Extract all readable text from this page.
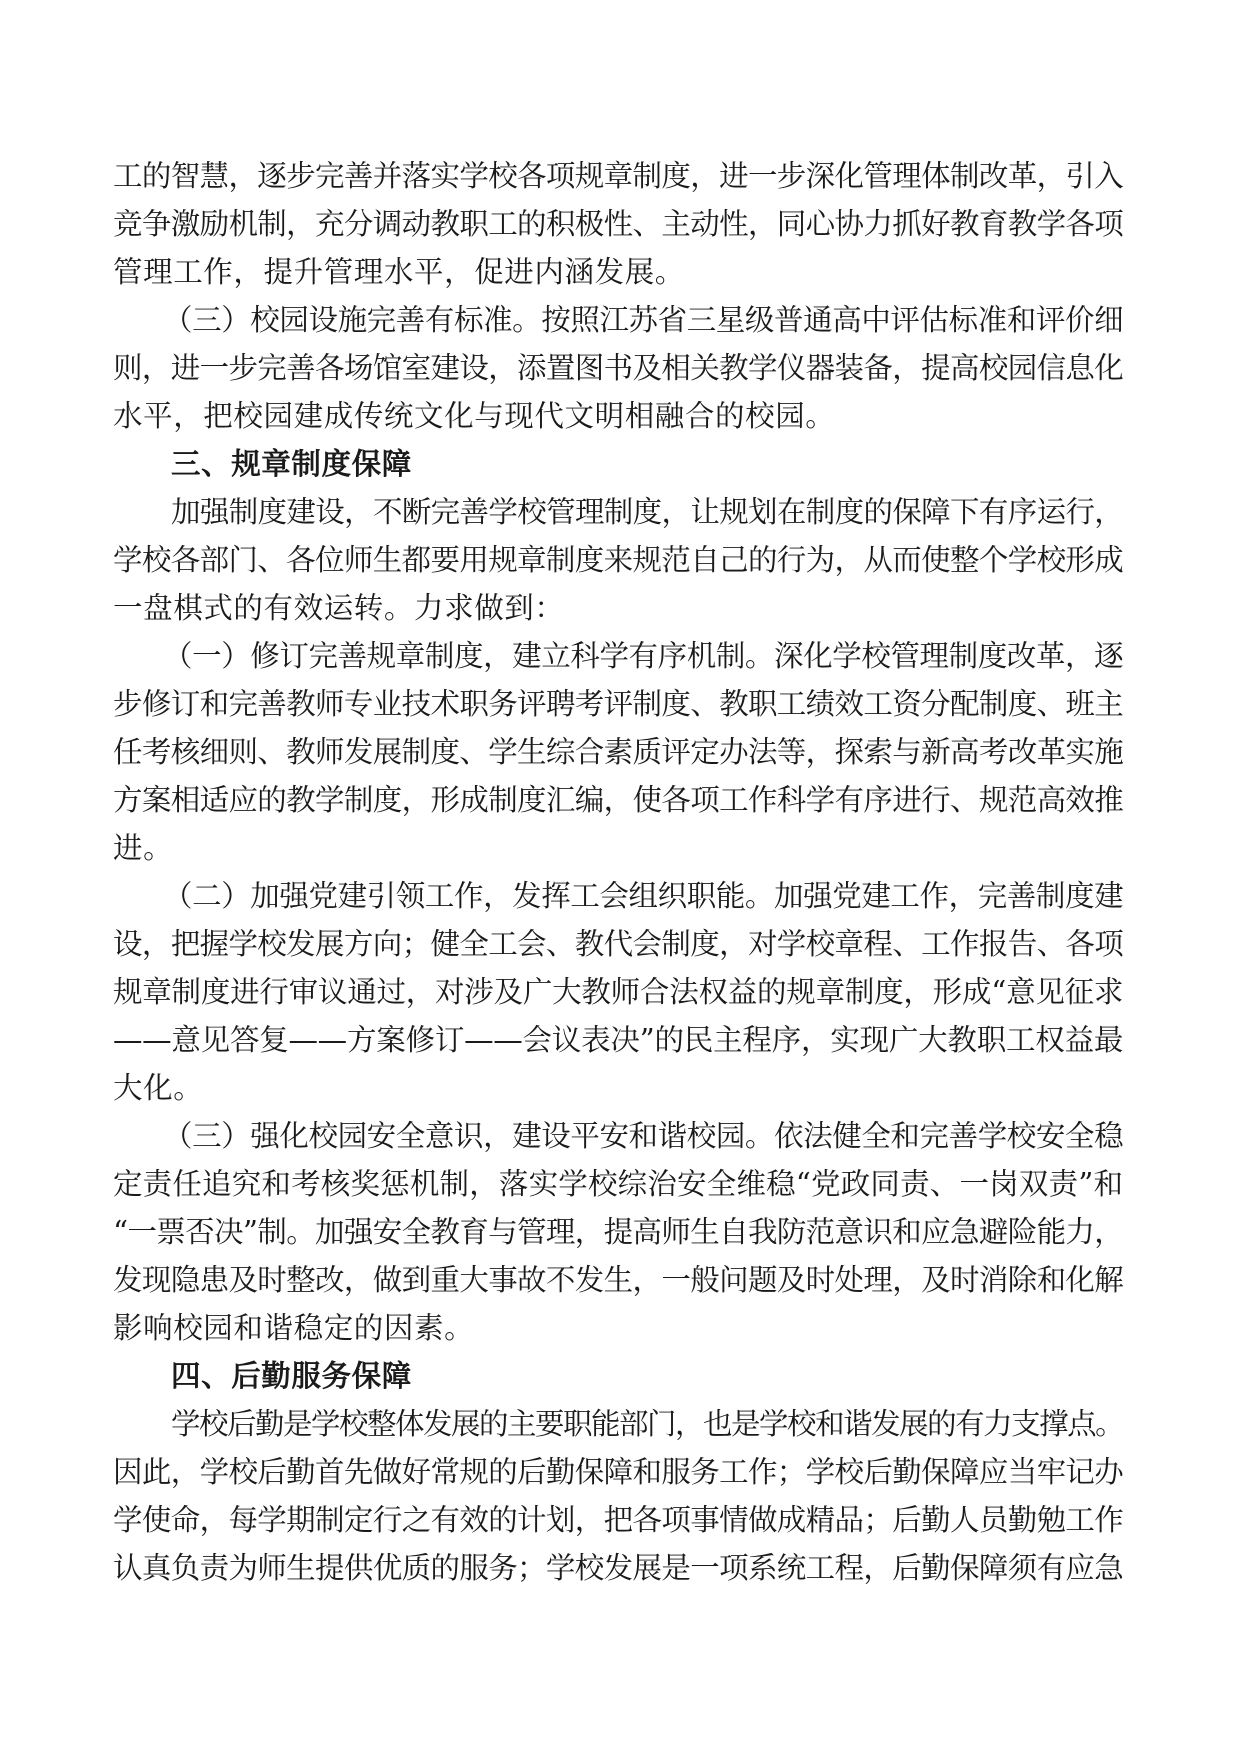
工的智慧，逐步完善并落实学校各项规章制度，进一步深化管理体制改革，引入
竞争激励机制，充分调动教职工的积极性、主动性，同心协力抓好教育教学各项
管理工作，提升管理水平，促进内涵发展。
（三）校园设施完善有标准。按照江苏省三星级普通高中评估标准和评价细
则，进一步完善各场馆室建设，添置图书及相关教学仪器装备，提高校园信息化
水平，把校园建成传统文化与现代文明相融合的校园。
三、规章制度保障
加强制度建设，不断完善学校管理制度，让规划在制度的保障下有序运行，
学校各部门、各位师生都要用规章制度来规范自己的行为，从而使整个学校形成
一盘棋式的有效运转。力求做到：
（一）修订完善规章制度，建立科学有序机制。深化学校管理制度改革，逐
步修订和完善教师专业技术职务评聘考评制度、教职工绩效工资分配制度、班主
任考核细则、教师发展制度、学生综合素质评定办法等，探索与新高考改革实施
方案相适应的教学制度，形成制度汇编，使各项工作科学有序进行、规范高效推
进。
（二）加强党建引领工作，发挥工会组织职能。加强党建工作，完善制度建
设，把握学校发展方向；健全工会、教代会制度，对学校章程、工作报告、各项
规章制度进行审议通过，对涉及广大教师合法权益的规章制度，形成“意见征求
——意见答复——方案修订——会议表决”的民主程序，实现广大教职工权益最
大化。
（三）强化校园安全意识，建设平安和谐校园。依法健全和完善学校安全稳
定责任追究和考核奖惩机制，落实学校综治安全维稳“党政同责、一岗双责”和
“一票否决”制。加强安全教育与管理，提高师生自我防范意识和应急避险能力，
发现隐患及时整改，做到重大事故不发生，一般问题及时处理，及时消除和化解
影响校园和谐稳定的因素。
四、后勤服务保障
学校后勤是学校整体发展的主要职能部门，也是学校和谐发展的有力支撑点。
因此，学校后勤首先做好常规的后勤保障和服务工作；学校后勤保障应当牢记办
学使命，每学期制定行之有效的计划，把各项事情做成精品；后勤人员勤勉工作
认真负责为师生提供优质的服务；学校发展是一项系统工程，后勤保障须有应急
